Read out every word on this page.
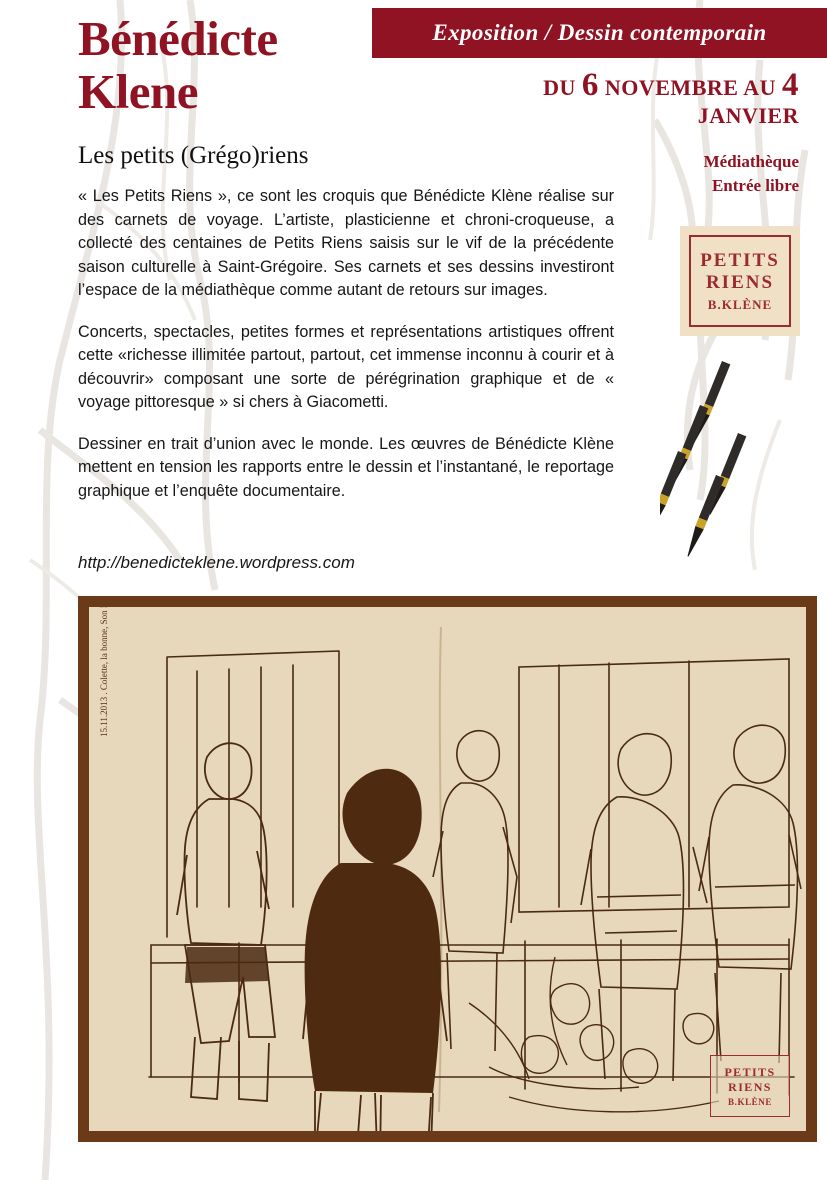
Exposition / Dessin contemporain
Bénédicte
Klene	DU 6 NOVEMBRE AU 4
JANVIER
Médiathèque
Entrée libre
PETITS
RIENS
B.KLÈNE
Les petits (Grégo)riens

« Les Petits Riens », ce sont les croquis que Bénédicte Klène réalise sur des carnets de voyage. L’artiste, plasticienne et chroni-croqueuse, a collecté des centaines de Petits Riens saisis sur le vif de la précédente saison culturelle à Saint-Grégoire. Ses carnets et ses dessins investiront l’espace de la médiathèque comme autant de retours sur images.

Concerts, spectacles, petites formes et représentations artistiques offrent cette «richesse illimitée partout, partout, cet immense inconnu à courir et à découvrir» composant une sorte de pérégrination graphique et de « voyage pittoresque » si chers à Giacometti.

Dessiner en trait d’union avec le monde. Les œuvres de Bénédicte Klène mettent en tension les rapports entre le dessin et l’instantané, le reportage graphique et l’enquête documentaire.

http://benedicteklene.wordpress.com
PETITS
RIENS
B.KLÈNE
